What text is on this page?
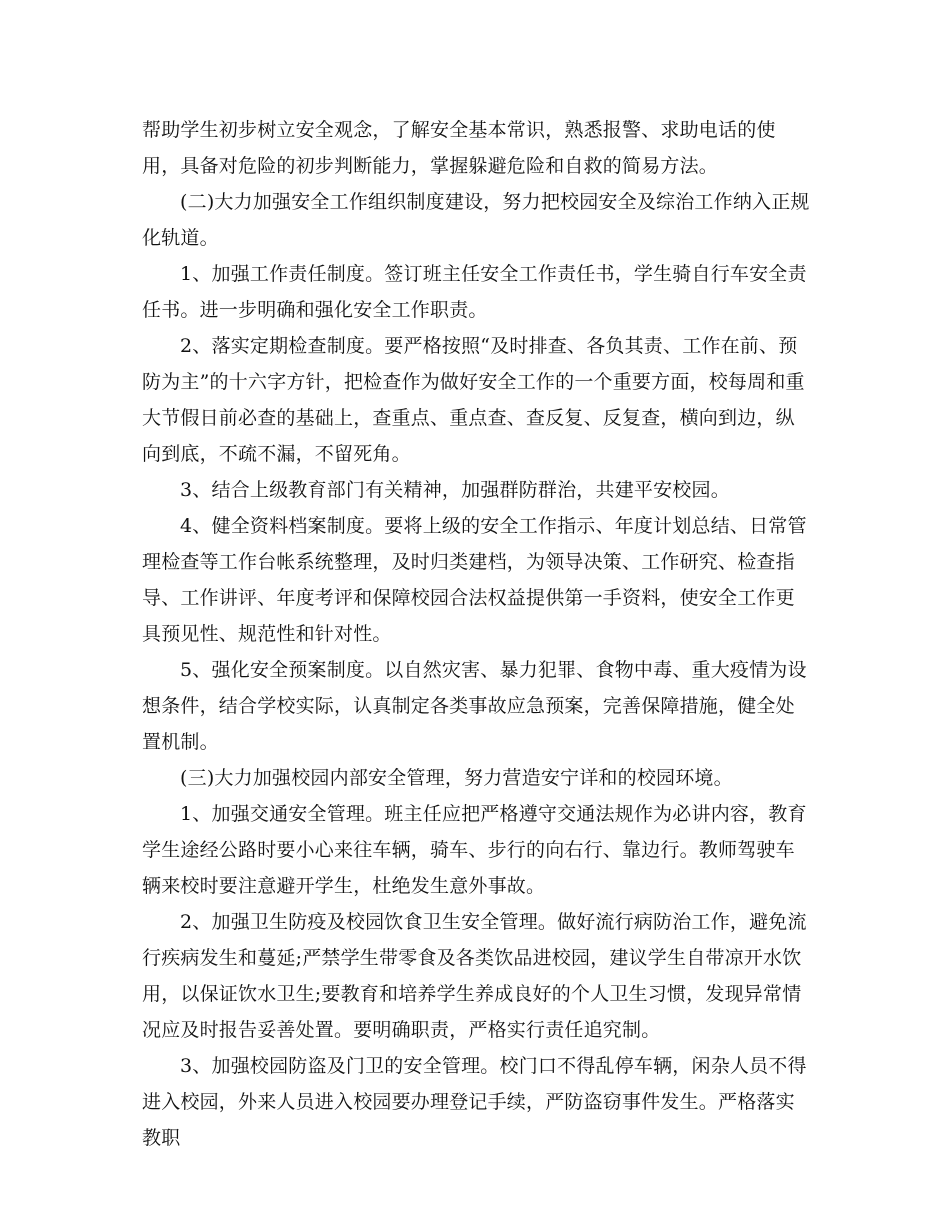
帮助学生初步树立安全观念，了解安全基本常识，熟悉报警、求助电话的使用，具备对危险的初步判断能力，掌握躲避危险和自救的简易方法。

(二)大力加强安全工作组织制度建设，努力把校园安全及综治工作纳入正规化轨道。

1、加强工作责任制度。签订班主任安全工作责任书，学生骑自行车安全责任书。进一步明确和强化安全工作职责。

2、落实定期检查制度。要严格按照“及时排查、各负其责、工作在前、预防为主”的十六字方针，把检查作为做好安全工作的一个重要方面，校每周和重大节假日前必查的基础上，查重点、重点查、查反复、反复查，横向到边，纵向到底，不疏不漏，不留死角。

3、结合上级教育部门有关精神，加强群防群治，共建平安校园。

4、健全资料档案制度。要将上级的安全工作指示、年度计划总结、日常管理检查等工作台帐系统整理，及时归类建档，为领导决策、工作研究、检查指导、工作讲评、年度考评和保障校园合法权益提供第一手资料，使安全工作更具预见性、规范性和针对性。

5、强化安全预案制度。以自然灾害、暴力犯罪、食物中毒、重大疫情为设想条件，结合学校实际，认真制定各类事故应急预案，完善保障措施，健全处置机制。

(三)大力加强校园内部安全管理，努力营造安宁详和的校园环境。

1、加强交通安全管理。班主任应把严格遵守交通法规作为必讲内容，教育学生途经公路时要小心来往车辆，骑车、步行的向右行、靠边行。教师驾驶车辆来校时要注意避开学生，杜绝发生意外事故。

2、加强卫生防疫及校园饮食卫生安全管理。做好流行病防治工作，避免流行疾病发生和蔓延;严禁学生带零食及各类饮品进校园，建议学生自带凉开水饮用，以保证饮水卫生;要教育和培养学生养成良好的个人卫生习惯，发现异常情况应及时报告妥善处置。要明确职责，严格实行责任追究制。

3、加强校园防盗及门卫的安全管理。校门口不得乱停车辆，闲杂人员不得进入校园，外来人员进入校园要办理登记手续，严防盗窃事件发生。严格落实教职
